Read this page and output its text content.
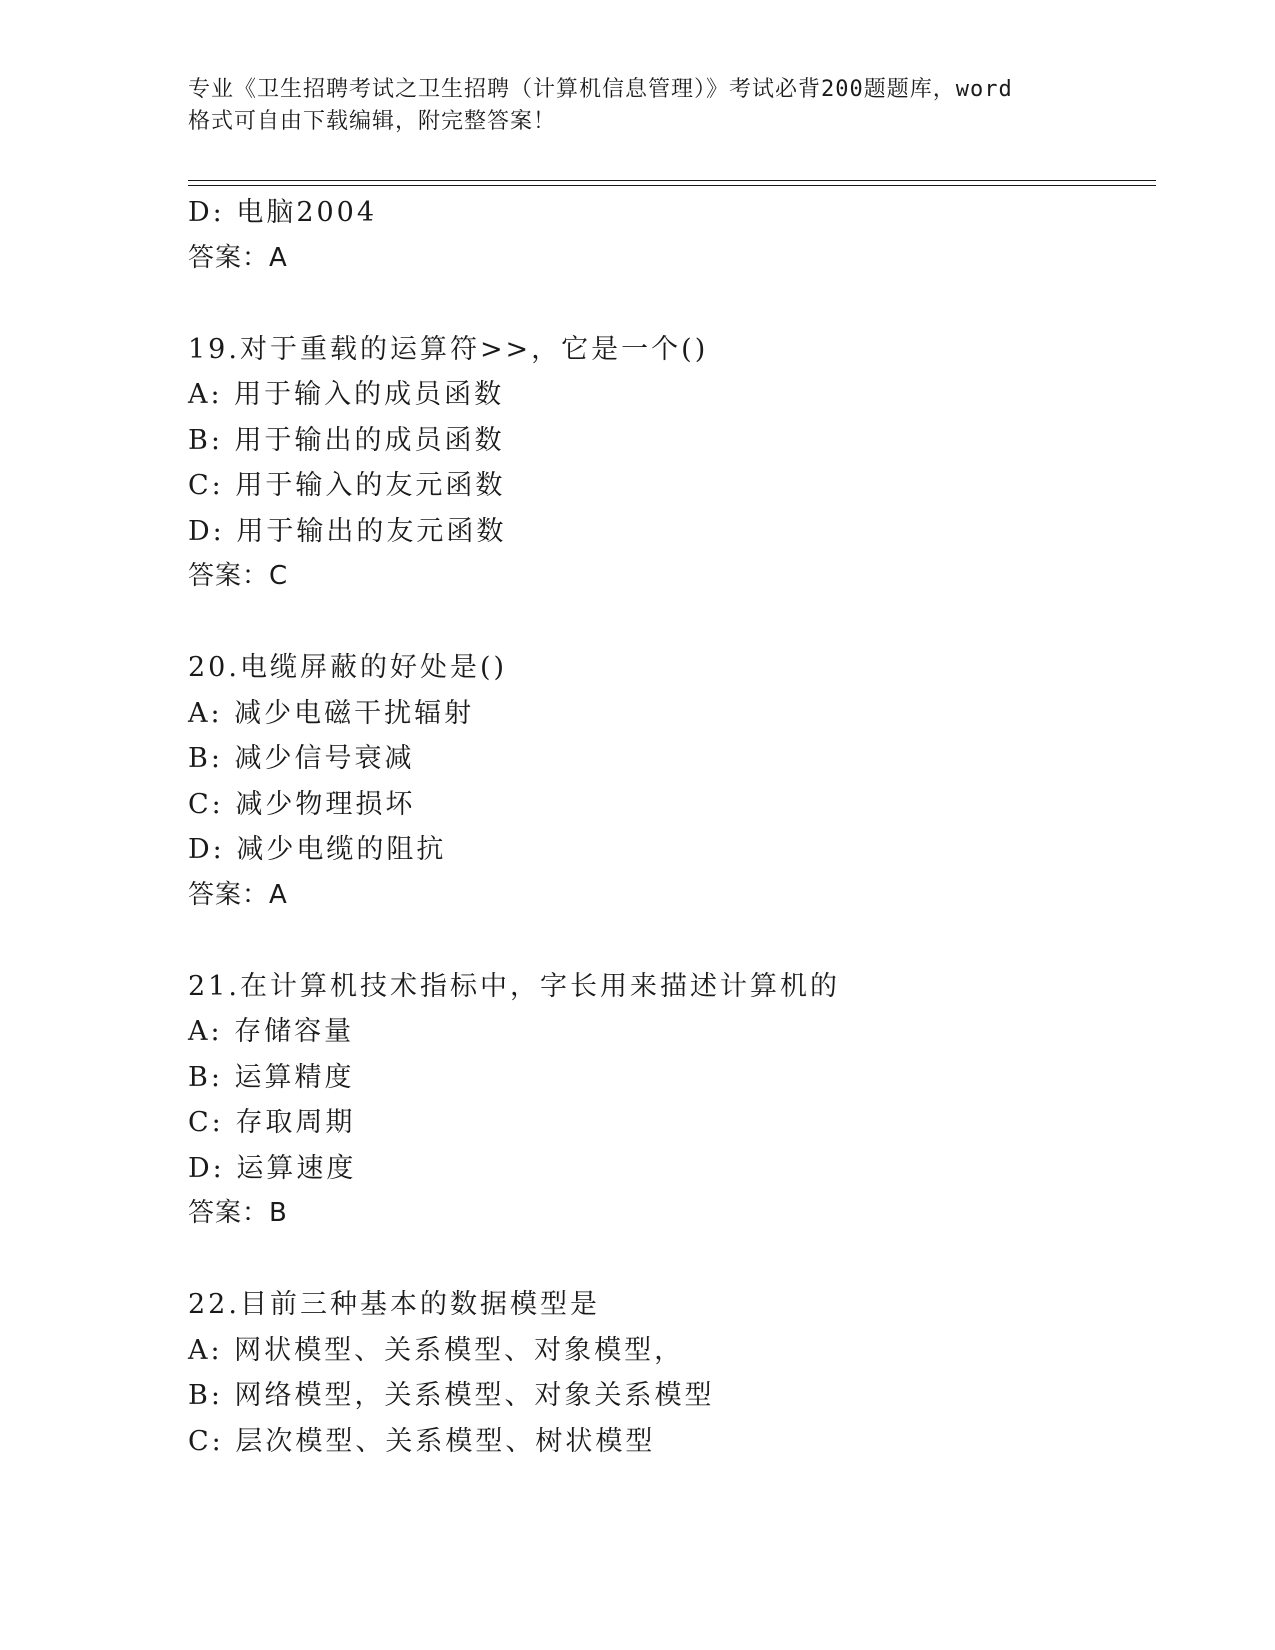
专业《卫生招聘考试之卫生招聘（计算机信息管理）》考试必背200题题库，word
格式可自由下载编辑，附完整答案！
D: 电脑2004
答案：A
19.对于重载的运算符>>，它是一个()
A: 用于输入的成员函数
B: 用于输出的成员函数
C: 用于输入的友元函数
D: 用于输出的友元函数
答案：C
20.电缆屏蔽的好处是()
A: 减少电磁干扰辐射
B: 减少信号衰减
C: 减少物理损坏
D: 减少电缆的阻抗
答案：A
21.在计算机技术指标中，字长用来描述计算机的
A: 存储容量
B: 运算精度
C: 存取周期
D: 运算速度
答案：B
22.目前三种基本的数据模型是
A: 网状模型、关系模型、对象模型，
B: 网络模型，关系模型、对象关系模型
C: 层次模型、关系模型、树状模型
